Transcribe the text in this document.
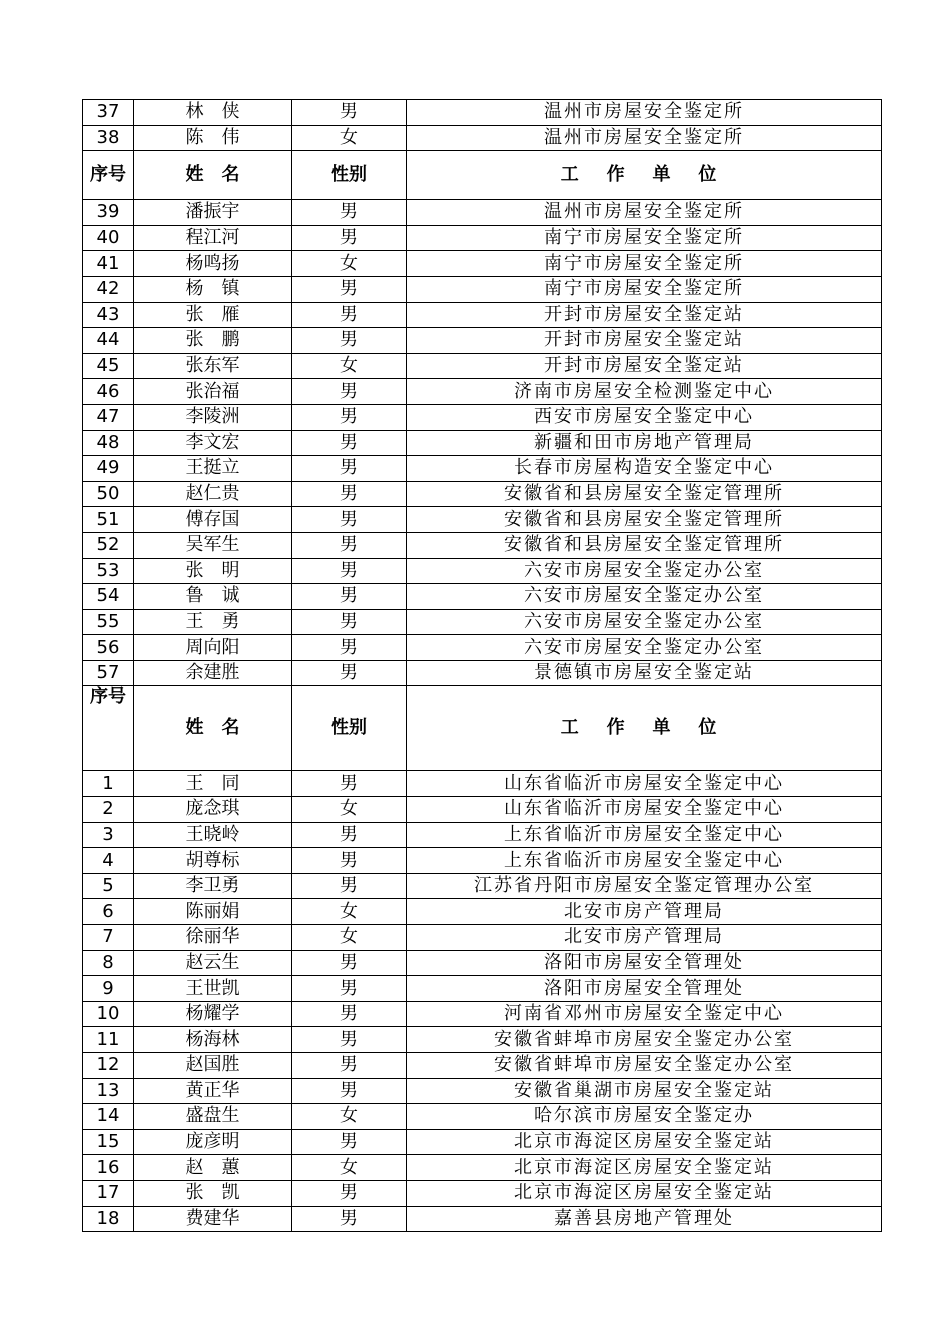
37	林　侠	男	温州市房屋安全鉴定所
38	陈　伟	女	温州市房屋安全鉴定所
序号	姓　名	性别	工 作 单 位
39	潘振宇	男	温州市房屋安全鉴定所
40	程江河	男	南宁市房屋安全鉴定所
41	杨鸣扬	女	南宁市房屋安全鉴定所
42	杨　镇	男	南宁市房屋安全鉴定所
43	张　雁	男	开封市房屋安全鉴定站
44	张　鹏	男	开封市房屋安全鉴定站
45	张东军	女	开封市房屋安全鉴定站
46	张治福	男	济南市房屋安全检测鉴定中心
47	李陵洲	男	西安市房屋安全鉴定中心
48	李文宏	男	新疆和田市房地产管理局
49	王挺立	男	长春市房屋构造安全鉴定中心
50	赵仁贵	男	安徽省和县房屋安全鉴定管理所
51	傅存国	男	安徽省和县房屋安全鉴定管理所
52	吴军生	男	安徽省和县房屋安全鉴定管理所
53	张　明	男	六安市房屋安全鉴定办公室
54	鲁　诚	男	六安市房屋安全鉴定办公室
55	王　勇	男	六安市房屋安全鉴定办公室
56	周向阳	男	六安市房屋安全鉴定办公室
57	余建胜	男	景德镇市房屋安全鉴定站
序号	姓　名	性别	工 作 单 位
1	王　同	男	山东省临沂市房屋安全鉴定中心
2	庞念琪	女	山东省临沂市房屋安全鉴定中心
3	王晓岭	男	上东省临沂市房屋安全鉴定中心
4	胡尊标	男	上东省临沂市房屋安全鉴定中心
5	李卫勇	男	江苏省丹阳市房屋安全鉴定管理办公室
6	陈丽娟	女	北安市房产管理局
7	徐丽华	女	北安市房产管理局
8	赵云生	男	洛阳市房屋安全管理处
9	王世凯	男	洛阳市房屋安全管理处
10	杨耀学	男	河南省邓州市房屋安全鉴定中心
11	杨海林	男	安徽省蚌埠市房屋安全鉴定办公室
12	赵国胜	男	安徽省蚌埠市房屋安全鉴定办公室
13	黄正华	男	安徽省巢湖市房屋安全鉴定站
14	盛盘生	女	哈尔滨市房屋安全鉴定办
15	庞彦明	男	北京市海淀区房屋安全鉴定站
16	赵　蕙	女	北京市海淀区房屋安全鉴定站
17	张　凯	男	北京市海淀区房屋安全鉴定站
18	费建华	男	嘉善县房地产管理处
